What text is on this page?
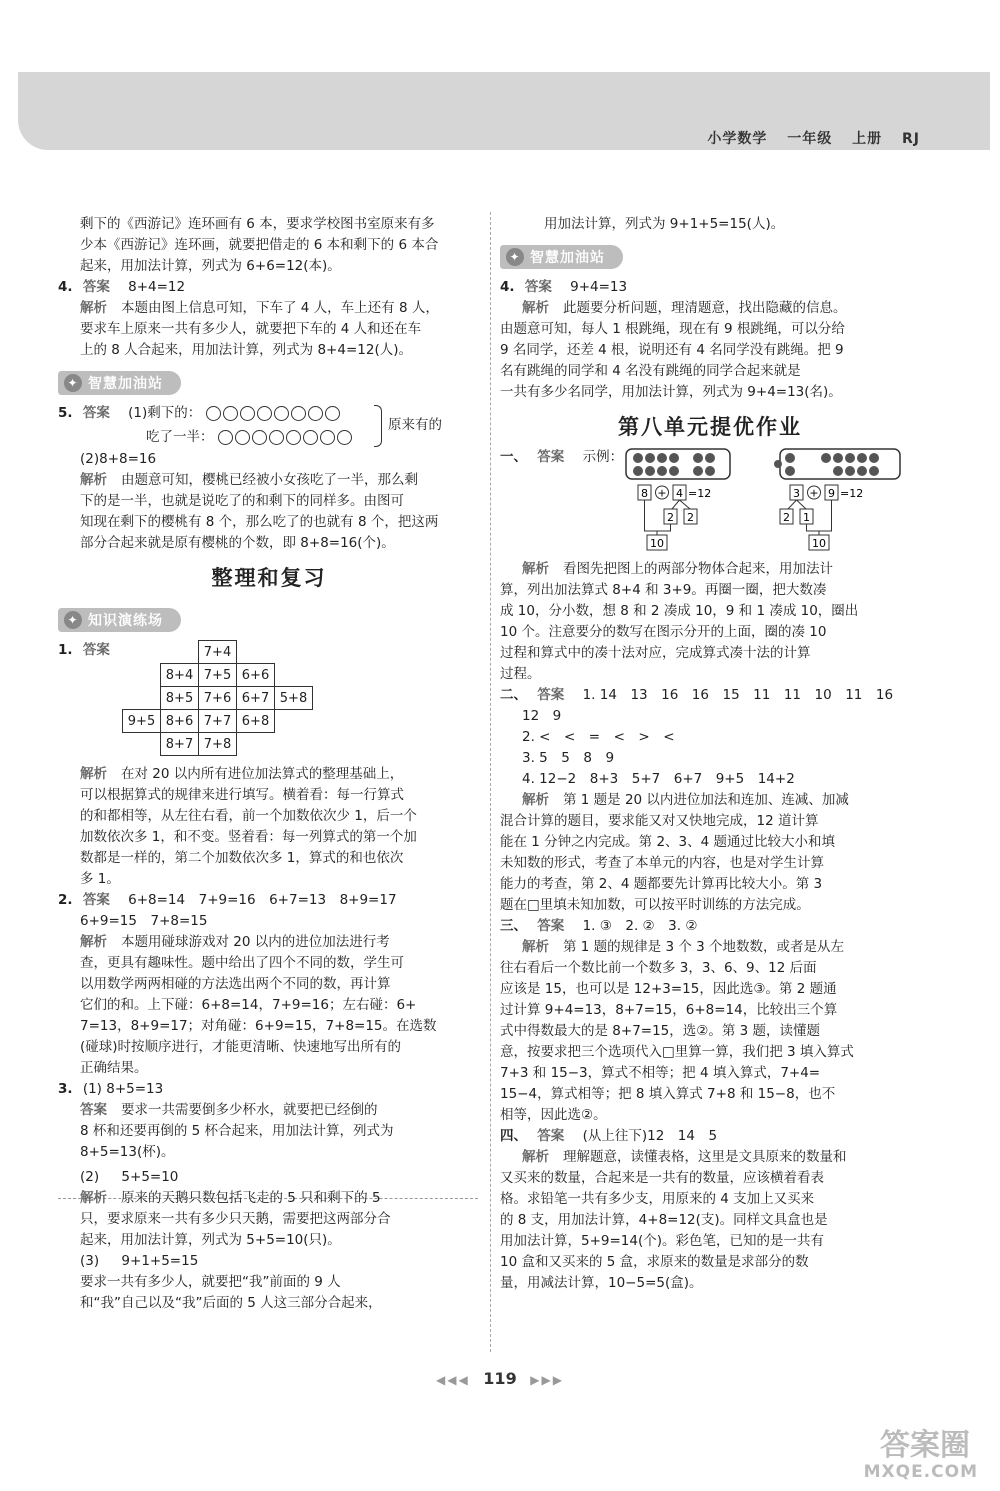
小学数学 一年级 上册 RJ
剩下的《西游记》连环画有 6 本，要求学校图书室原来有多
少本《西游记》连环画，就要把借走的 6 本和剩下的 6 本合
起来，用加法计算，列式为 6+6=12(本)。
4. 答案 8+4=12
解析 本题由图上信息可知，下车了 4 人，车上还有 8 人，
要求车上原来一共有多少人，就要把下车的 4 人和还在车
上的 8 人合起来，用加法计算，列式为 8+4=12(人)。
✦ 智慧加油站
5. 答案 (1)剩下的：
吃了一半：
原来有的
(2)8+8=16
解析 由题意可知，樱桃已经被小女孩吃了一半，那么剩
下的是一半，也就是说吃了的和剩下的同样多。由图可
知现在剩下的樱桃有 8 个，那么吃了的也就有 8 个，把这两
部分合起来就是原有樱桃的个数，即 8+8=16(个)。
整理和复习
✦ 知识演练场
1. 答案
			7+4		
	8+4	7+5	6+6	
	8+5	7+6	6+7	5+8
9+5	8+6	7+7	6+8	
	8+7	7+8		
解析 在对 20 以内所有进位加法算式的整理基础上，
可以根据算式的规律来进行填写。横着看：每一行算式
的和都相等，从左往右看，前一个加数依次少 1，后一个
加数依次多 1，和不变。竖着看：每一列算式的第一个加
数都是一样的，第二个加数依次多 1，算式的和也依次
多 1。
2. 答案 6+8=14　7+9=16　6+7=13　8+9=17
6+9=15　7+8=15
解析 本题用碰球游戏对 20 以内的进位加法进行考
查，更具有趣味性。题中给出了四个不同的数，学生可
以用数学两两相碰的方法选出两个不同的数，再计算
它们的和。上下碰：6+8=14，7+9=16；左右碰：6+
7=13，8+9=17；对角碰：6+9=15，7+8=15。在选数
(碰球)时按顺序进行，才能更清晰、快速地写出所有的
正确结果。
3. (1) 8+5=13
答案 要求一共需要倒多少杯水，就要把已经倒的
8 杯和还要再倒的 5 杯合起来，用加法计算，列式为
8+5=13(杯)。
(2) 5+5=10
解析 原来的天鹅只数包括飞走的 5 只和剩下的 5
只，要求原来一共有多少只天鹅，需要把这两部分合
起来，用加法计算，列式为 5+5=10(只)。
(3) 9+1+5=15
要求一共有多少人，就要把“我”前面的 9 人
和“我”自己以及“我”后面的 5 人这三部分合起来，
用加法计算，列式为 9+1+5=15(人)。
✦ 智慧加油站
4. 答案 9+4=13
解析 此题要分析问题，理清题意，找出隐藏的信息。
由题意可知，每人 1 根跳绳，现在有 9 根跳绳，可以分给
9 名同学，还差 4 根，说明还有 4 名同学没有跳绳。把 9
名有跳绳的同学和 4 名没有跳绳的同学合起来就是
一共有多少名同学，用加法计算，列式为 9+4=13(名)。
第八单元提优作业
一、 答案 示例：
8 + 4 =12
2 2
10
3 + 9 =12
2 1
10
解析 看图先把图上的两部分物体合起来，用加法计
算，列出加法算式 8+4 和 3+9。再圈一圈，把大数凑
成 10，分小数，想 8 和 2 凑成 10，9 和 1 凑成 10，圈出
10 个。注意要分的数写在图示分开的上面，圈的凑 10
过程和算式中的凑十法对应，完成算式凑十法的计算
过程。
二、 答案 1. 14　13　16　16　15　11　11　10　11　16
12　9
2. <　<　=　<　>　<
3. 5　5　8　9
4. 12−2　8+3　5+7　6+7　9+5　14+2
解析 第 1 题是 20 以内进位加法和连加、连减、加减
混合计算的题目，要求能又对又快地完成，12 道计算
能在 1 分钟之内完成。第 2、3、4 题通过比较大小和填
未知数的形式，考查了本单元的内容，也是对学生计算
能力的考查，第 2、4 题都要先计算再比较大小。第 3
题在□里填未知加数，可以按平时训练的方法完成。
三、 答案 1. ③　2. ②　3. ②
解析 第 1 题的规律是 3 个 3 个地数数，或者是从左
往右看后一个数比前一个数多 3，3、6、9、12 后面
应该是 15，也可以是 12+3=15，因此选③。第 2 题通
过计算 9+4=13，8+7=15，6+8=14，比较出三个算
式中得数最大的是 8+7=15，选②。第 3 题，读懂题
意，按要求把三个选项代入□里算一算，我们把 3 填入算式
7+3 和 15−3，算式不相等；把 4 填入算式，7+4=
15−4，算式相等；把 8 填入算式 7+8 和 15−8，也不
相等，因此选②。
四、 答案 (从上往下)12　14　5
解析 理解题意，读懂表格，这里是文具原来的数量和
又买来的数量，合起来是一共有的数量，应该横着看表
格。求铅笔一共有多少支，用原来的 4 支加上又买来
的 8 支，用加法计算，4+8=12(支)。同样文具盒也是
用加法计算，5+9=14(个)。彩色笔，已知的是一共有
10 盒和又买来的 5 盒，求原来的数量是求部分的数
量，用减法计算，10−5=5(盒)。
◀◀◀ 119 ▶▶▶
答案圈
MXQE.COM
